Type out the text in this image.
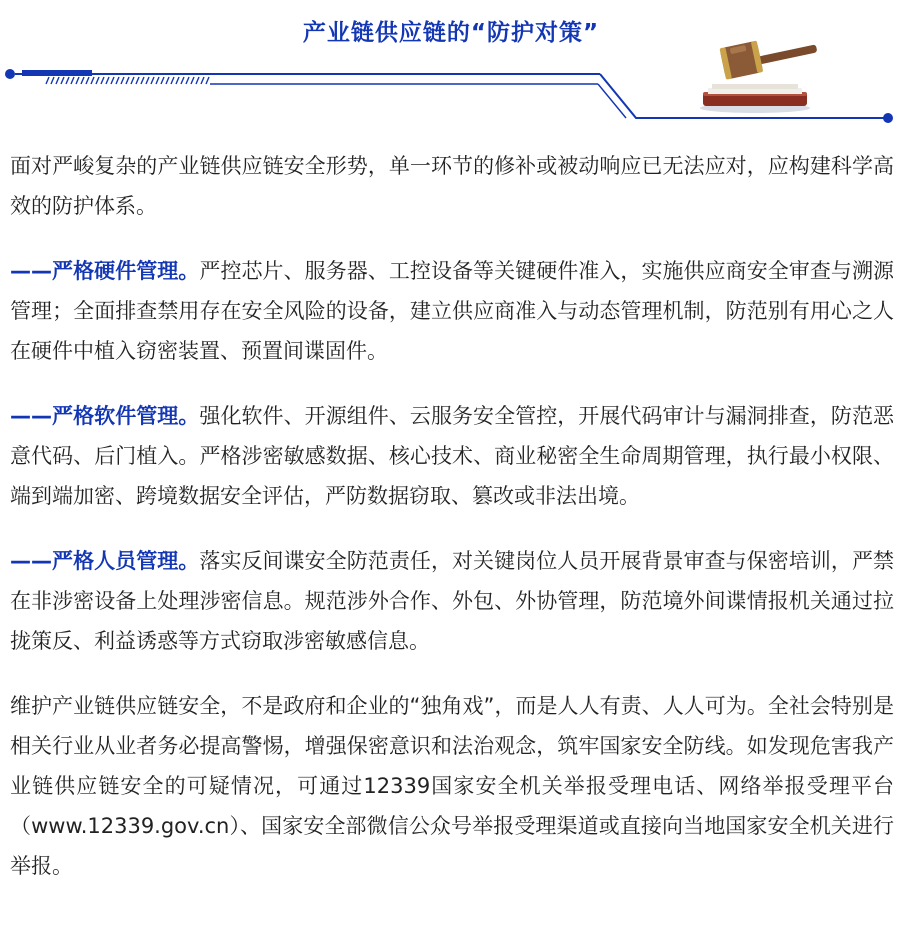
产业链供应链的“防护对策”

面对严峻复杂的产业链供应链安全形势，单一环节的修补或被动响应已无法应对，应构建科学高效的防护体系。

——严格硬件管理。严控芯片、服务器、工控设备等关键硬件准入，实施供应商安全审查与溯源管理；全面排查禁用存在安全风险的设备，建立供应商准入与动态管理机制，防范别有用心之人在硬件中植入窃密装置、预置间谍固件。

——严格软件管理。强化软件、开源组件、云服务安全管控，开展代码审计与漏洞排查，防范恶意代码、后门植入。严格涉密敏感数据、核心技术、商业秘密全生命周期管理，执行最小权限、端到端加密、跨境数据安全评估，严防数据窃取、篡改或非法出境。

——严格人员管理。落实反间谍安全防范责任，对关键岗位人员开展背景审查与保密培训，严禁在非涉密设备上处理涉密信息。规范涉外合作、外包、外协管理，防范境外间谍情报机关通过拉拢策反、利益诱惑等方式窃取涉密敏感信息。

维护产业链供应链安全，不是政府和企业的“独角戏”，而是人人有责、人人可为。全社会特别是相关行业从业者务必提高警惕，增强保密意识和法治观念，筑牢国家安全防线。如发现危害我产业链供应链安全的可疑情况，可通过12339国家安全机关举报受理电话、网络举报受理平台（www.12339.gov.cn）、国家安全部微信公众号举报受理渠道或直接向当地国家安全机关进行举报。
